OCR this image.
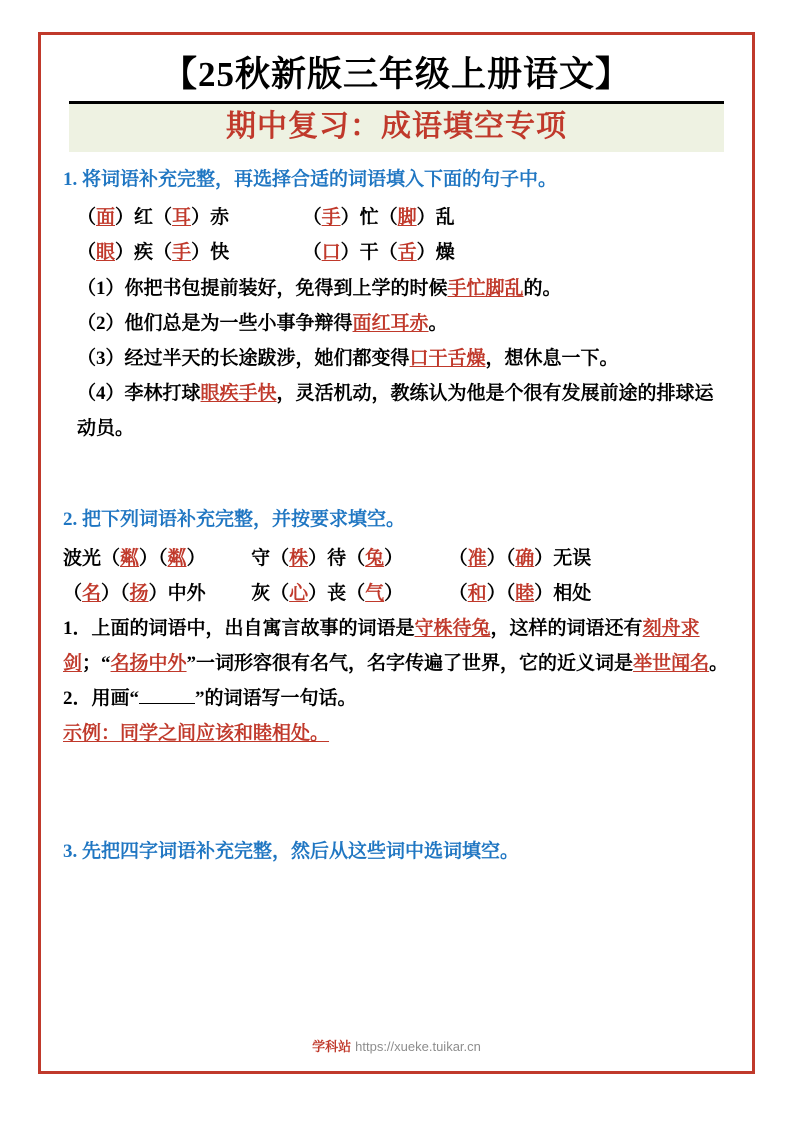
【25秋新版三年级上册语文】
期中复习：成语填空专项
1. 将词语补充完整，再选择合适的词语填入下面的句子中。
（面）红（耳）赤	（手）忙（脚）乱
（眼）疾（手）快	（口）干（舌）燥
（1）你把书包提前装好，免得到上学的时候手忙脚乱的。
（2）他们总是为一些小事争辩得面红耳赤。
（3）经过半天的长途跋涉，她们都变得口干舌燥，想休息一下。
（4）李林打球眼疾手快，灵活机动，教练认为他是个很有发展前途的排球运动员。
2. 把下列词语补充完整，并按要求填空。
波光（粼）（粼） 守（株）待（兔） （准）（确）无误
（名）（扬）中外 灰（心）丧（气） （和）（睦）相处
1．上面的词语中，出自寓言故事的词语是守株待兔，这样的词语还有刻舟求剑；“名扬中外”一词形容很有名气，名字传遍了世界，它的近义词是举世闻名。
2．用画“	”的词语写一句话。
示例：同学之间应该和睦相处。
3. 先把四字词语补充完整，然后从这些词中选词填空。
学科站 https://xueke.tuikar.cn
